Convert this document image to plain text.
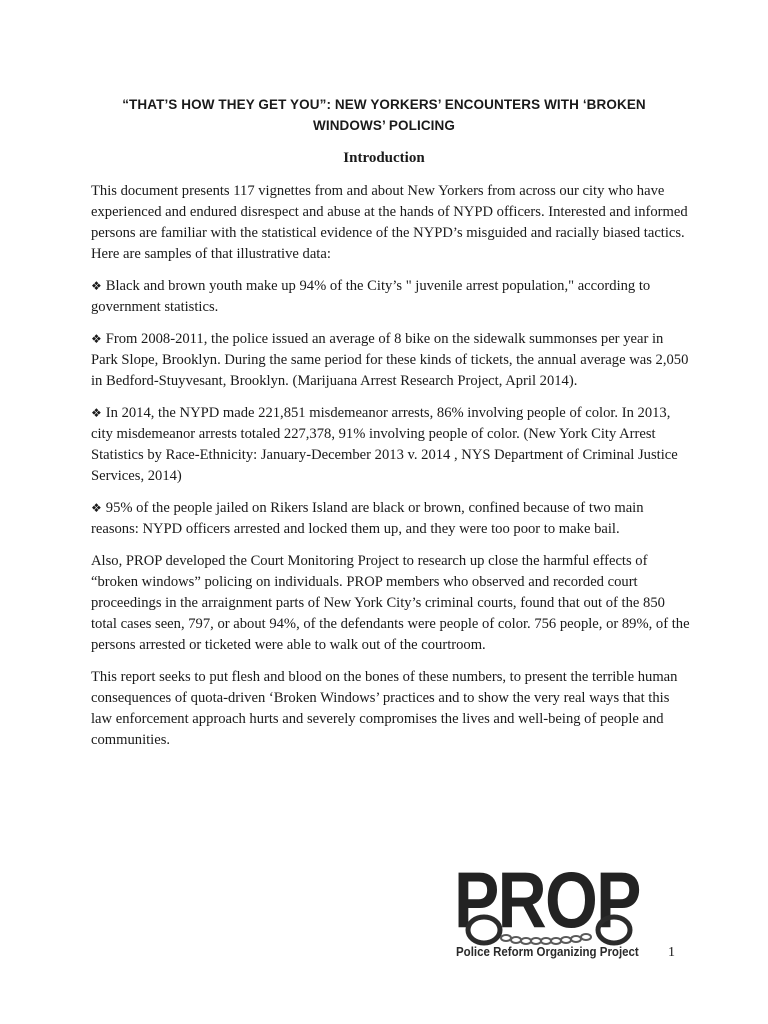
“THAT’S HOW THEY GET YOU”: NEW YORKERS’ ENCOUNTERS WITH ‘BROKEN
WINDOWS’ POLICING
Introduction

This document presents 117 vignettes from and about New Yorkers from across our city who have experienced and endured disrespect and abuse at the hands of NYPD officers. Interested and informed persons are familiar with the statistical evidence of the NYPD’s misguided and racially biased tactics. Here are samples of that illustrative data:

❖ Black and brown youth make up 94% of the City’s " juvenile arrest population," according to government statistics.

❖ From 2008-2011, the police issued an average of 8 bike on the sidewalk summonses per year in Park Slope, Brooklyn. During the same period for these kinds of tickets, the annual average was 2,050 in Bedford-Stuyvesant, Brooklyn. (Marijuana Arrest Research Project, April 2014).

❖ In 2014, the NYPD made 221,851 misdemeanor arrests, 86% involving people of color. In 2013, city misdemeanor arrests totaled 227,378, 91% involving people of color. (New York City Arrest Statistics by Race-Ethnicity: January-December 2013 v. 2014 , NYS Department of Criminal Justice Services, 2014)

❖ 95% of the people jailed on Rikers Island are black or brown, confined because of two main reasons: NYPD officers arrested and locked them up, and they were too poor to make bail.

Also, PROP developed the Court Monitoring Project to research up close the harmful effects of “broken windows” policing on individuals. PROP members who observed and recorded court proceedings in the arraignment parts of New York City’s criminal courts, found that out of the 850 total cases seen, 797, or about 94%, of the defendants were people of color. 756 people, or 89%, of the persons arrested or ticketed were able to walk out of the courtroom.

This report seeks to put flesh and blood on the bones of these numbers, to present the terrible human consequences of quota-driven ‘Broken Windows’ practices and to show the very real ways that this law enforcement approach hurts and severely compromises the lives and well-being of people and communities.

PROP
Police Reform Organizing Project 1
